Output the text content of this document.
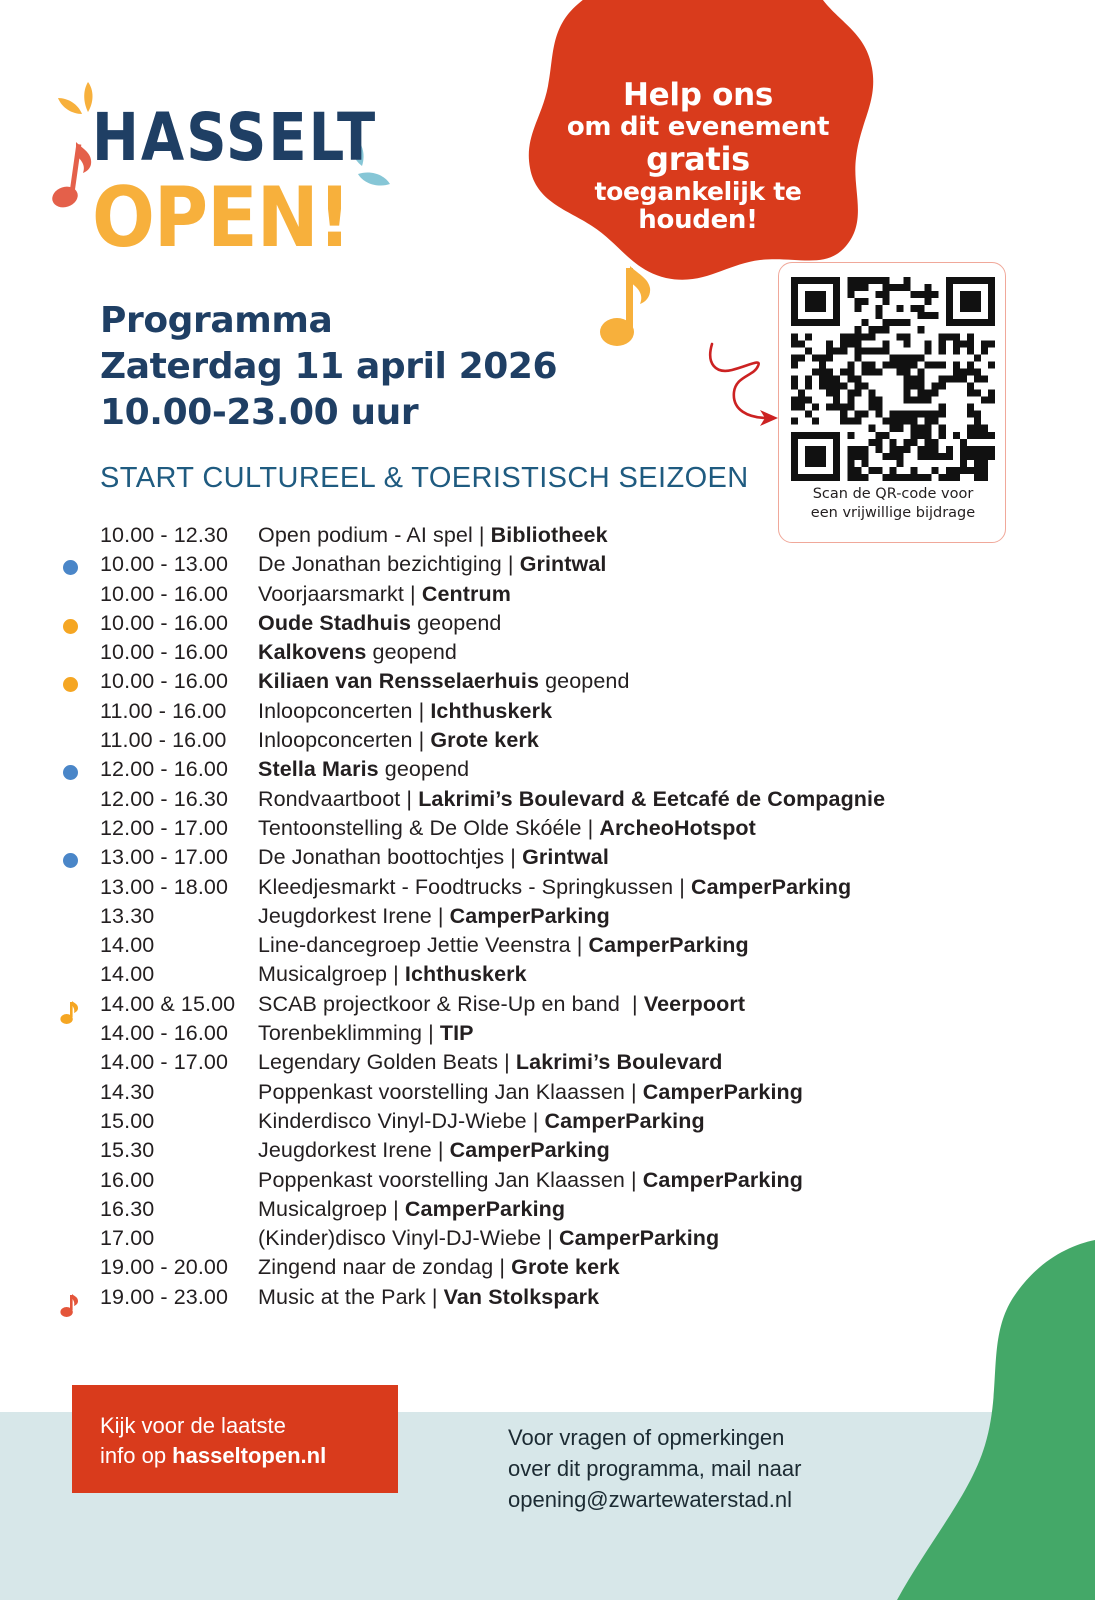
Help ons
om dit evenement
gratis
toegankelijk te
houden!
HASSELT
OPEN!
Programma
Zaterdag 11 april 2026
10.00-23.00 uur
START CULTUREEL & TOERISTISCH SEIZOEN	Scan de QR-code voor
een vrijwillige bijdrage
10.00 - 12.30	Open podium - AI spel | Bibliotheek
10.00 - 13.00	De Jonathan bezichtiging | Grintwal
10.00 - 16.00	Voorjaarsmarkt | Centrum
10.00 - 16.00	Oude Stadhuis geopend
10.00 - 16.00	Kalkovens geopend
10.00 - 16.00	Kiliaen van Rensselaerhuis geopend
11.00 - 16.00	Inloopconcerten | Ichthuskerk
11.00 - 16.00	Inloopconcerten | Grote kerk
12.00 - 16.00	Stella Maris geopend
12.00 - 16.30	Rondvaartboot | Lakrimi’s Boulevard & Eetcafé de Compagnie
12.00 - 17.00	Tentoonstelling & De Olde Skóéle | ArcheoHotspot
13.00 - 17.00	De Jonathan boottochtjes | Grintwal
13.00 - 18.00	Kleedjesmarkt - Foodtrucks - Springkussen | CamperParking
13.30	Jeugdorkest Irene | CamperParking
14.00	Line-dancegroep Jettie Veenstra | CamperParking
14.00	Musicalgroep | Ichthuskerk
14.00 & 15.00	SCAB projectkoor & Rise-Up en band  | Veerpoort
14.00 - 16.00	Torenbeklimming | TIP
14.00 - 17.00	Legendary Golden Beats | Lakrimi’s Boulevard
14.30	Poppenkast voorstelling Jan Klaassen | CamperParking
15.00	Kinderdisco Vinyl-DJ-Wiebe | CamperParking
15.30	Jeugdorkest Irene | CamperParking
16.00	Poppenkast voorstelling Jan Klaassen | CamperParking
16.30	Musicalgroep | CamperParking
17.00	(Kinder)disco Vinyl-DJ-Wiebe | CamperParking
19.00 - 20.00	Zingend naar de zondag | Grote kerk
19.00 - 23.00	Music at the Park | Van Stolkspark
Kijk voor de laatste
info op hasseltopen.nl
Voor vragen of opmerkingen
over dit programma, mail naar
opening@zwartewaterstad.nl
